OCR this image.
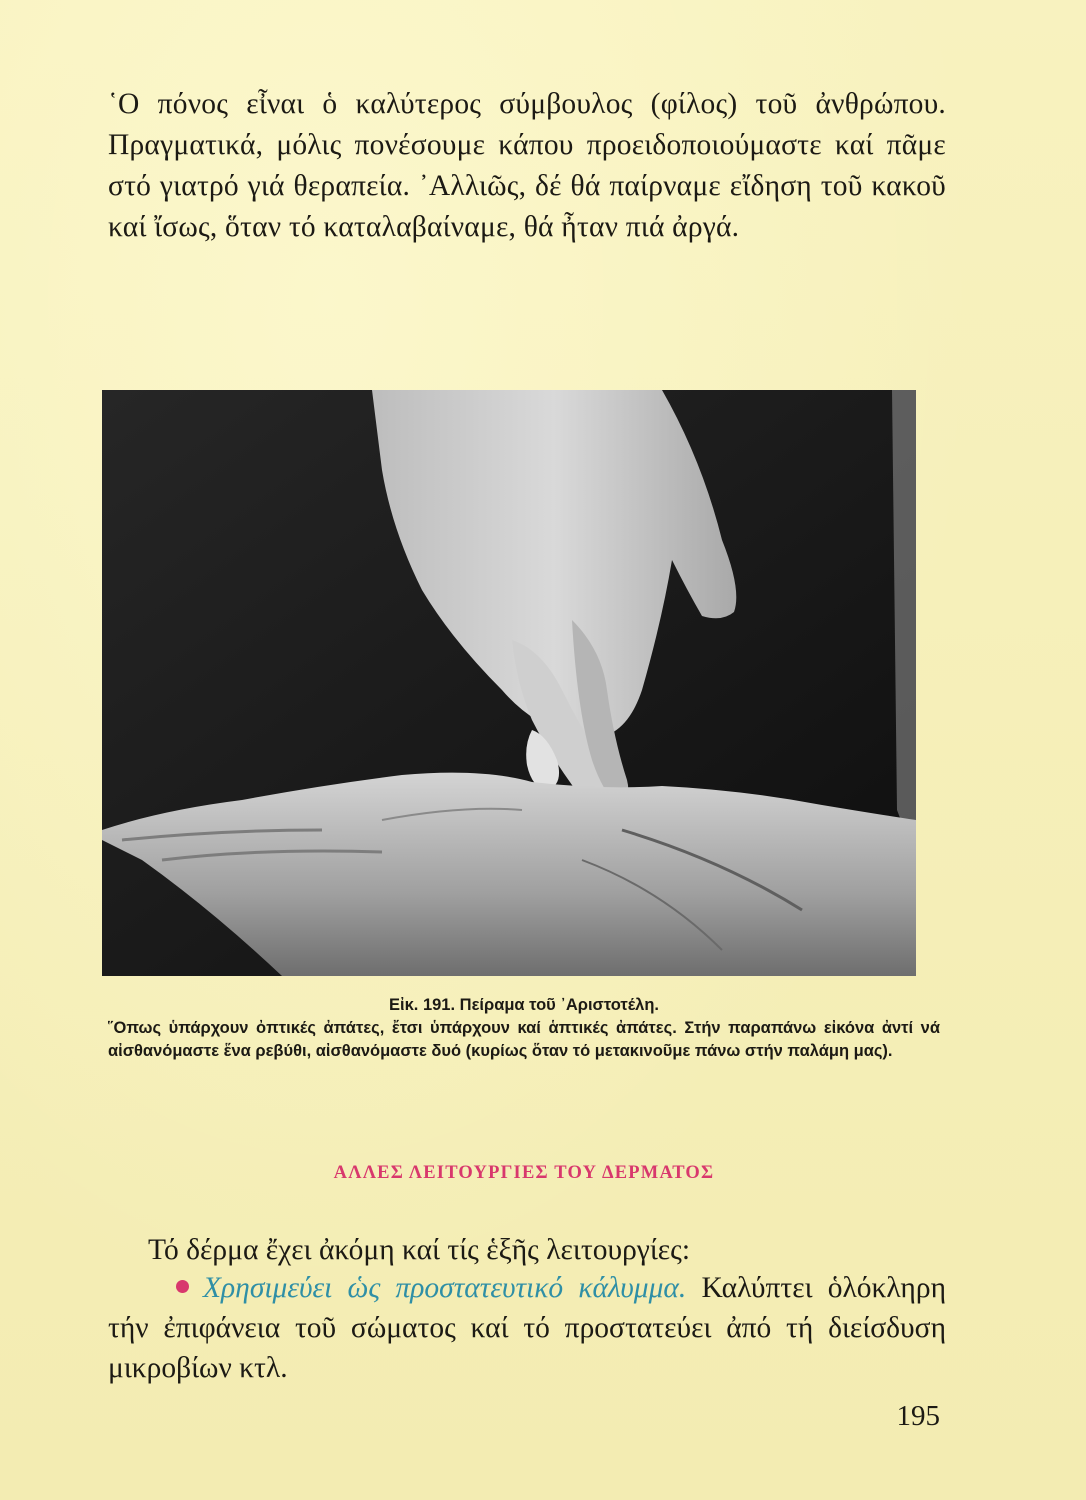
῾Ο πόνος εἶναι ὁ καλύτερος σύμβουλος (φίλος) τοῦ ἀνθρώπου. Πραγματικά, μόλις πονέσουμε κάπου προειδοποιούμαστε καί πᾶμε στό γιατρό γιά θεραπεία. ᾿Αλλιῶς, δέ θά παίρναμε εἴδηση τοῦ κακοῦ καί ἴσως, ὅταν τό καταλαβαίναμε, θά ἦταν πιά ἀργά.

Εἰκ. 191. Πείραμα τοῦ ᾿Αριστοτέλη.

῞Οπως ὑπάρχουν ὀπτικές ἀπάτες, ἔτσι ὑπάρχουν καί ἁπτικές ἀπάτες. Στήν παραπάνω εἰκόνα ἀντί νά αἰσθανόμαστε ἕνα ρεβύθι, αἰσθανόμαστε δυό (κυρίως ὅταν τό μετακινοῦμε πάνω στήν παλάμη μας).

ΑΛΛΕΣ ΛΕΙΤΟΥΡΓΙΕΣ ΤΟΥ ΔΕΡΜΑΤΟΣ

Τό δέρμα ἔχει ἀκόμη καί τίς ἑξῆς λειτουργίες:

Χρησιμεύει ὡς προστατευτικό κάλυμμα. Καλύπτει ὁλόκληρη τήν ἐπιφάνεια τοῦ σώματος καί τό προστατεύει ἀπό τή διείσδυση μικροβίων κτλ.

195
